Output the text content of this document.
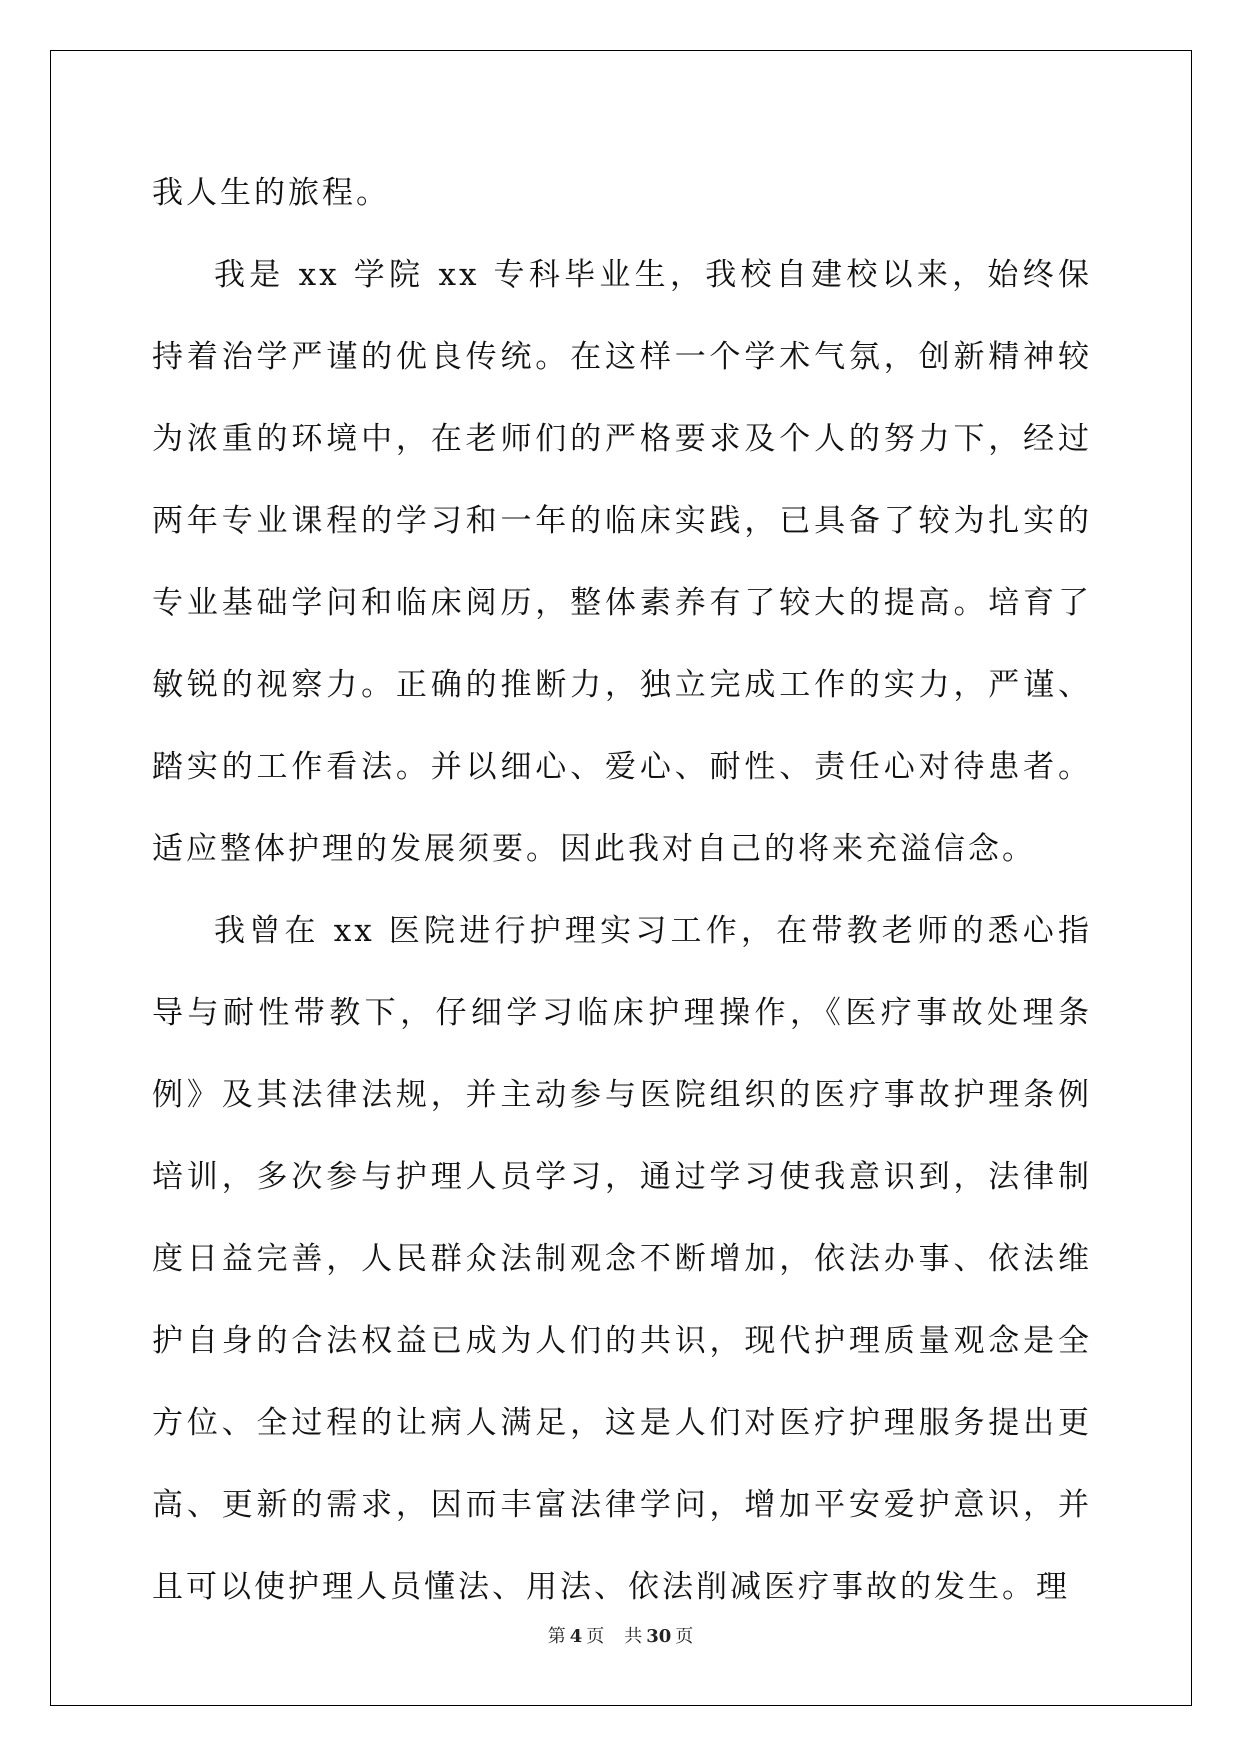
我人生的旅程。

我是 xx 学院 xx 专科毕业生，我校自建校以来，始终保持着治学严谨的优良传统。在这样一个学术气氛，创新精神较为浓重的环境中，在老师们的严格要求及个人的努力下，经过两年专业课程的学习和一年的临床实践，已具备了较为扎实的专业基础学问和临床阅历，整体素养有了较大的提高。培育了敏锐的视察力。正确的推断力，独立完成工作的实力，严谨、踏实的工作看法。并以细心、爱心、耐性、责任心对待患者。适应整体护理的发展须要。因此我对自己的将来充溢信念。

我曾在 xx 医院进行护理实习工作，在带教老师的悉心指导与耐性带教下，仔细学习临床护理操作，《医疗事故处理条例》及其法律法规，并主动参与医院组织的医疗事故护理条例培训，多次参与护理人员学习，通过学习使我意识到，法律制度日益完善，人民群众法制观念不断增加，依法办事、依法维护自身的合法权益已成为人们的共识，现代护理质量观念是全方位、全过程的让病人满足，这是人们对医疗护理服务提出更高、更新的需求，因而丰富法律学问，增加平安爱护意识，并且可以使护理人员懂法、用法、依法削减医疗事故的发生。理

第 4 页 共 30 页
